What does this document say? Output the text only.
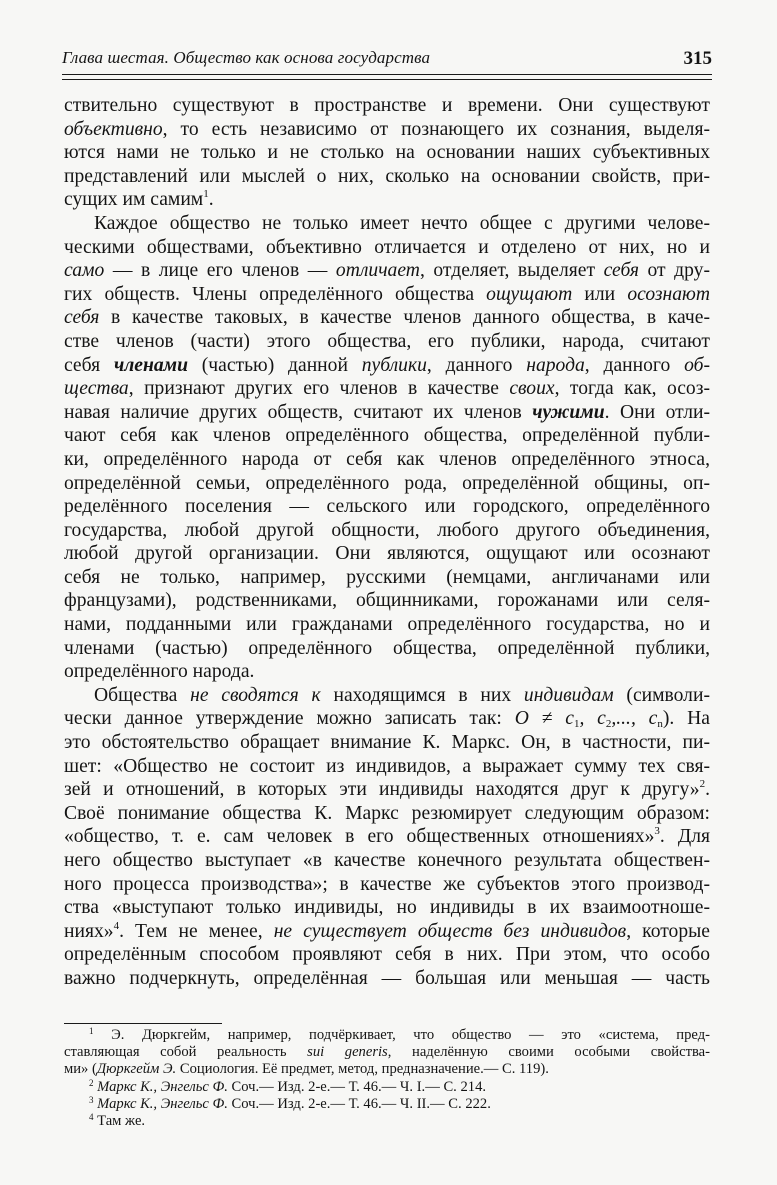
Глава шестая. Общество как основа государства	315
ствительно существуют в пространстве и времени. Они существуют
объективно, то есть независимо от познающего их сознания, выделя-
ются нами не только и не столько на основании наших субъективных
представлений или мыслей о них, сколько на основании свойств, при-
сущих им самим$^1$.
Каждое общество не только имеет нечто общее с другими челове-
ческими обществами, объективно отличается и отделено от них, но и
само — в лице его членов — отличает, отделяет, выделяет себя от дру-
гих обществ. Члены определённого общества ощущают или осознают
себя в качестве таковых, в качестве членов данного общества, в каче-
стве членов (части) этого общества, его публики, народа, считают
себя членами (частью) данной публики, данного народа, данного об-
щества, признают других его членов в качестве своих, тогда как, осоз-
навая наличие других обществ, считают их членов чужими. Они отли-
чают себя как членов определённого общества, определённой публи-
ки, определённого народа от себя как членов определённого этноса,
определённой семьи, определённого рода, определённой общины, оп-
ределённого поселения — сельского или городского, определённого
государства, любой другой общности, любого другого объединения,
любой другой организации. Они являются, ощущают или осознают
себя не только, например, русскими (немцами, англичанами или
французами), родственниками, общинниками, горожанами или селя-
нами, подданными или гражданами определённого государства, но и
членами (частью) определённого общества, определённой публики,
определённого народа.
Общества не сводятся к находящимся в них индивидам (символи-
чески данное утверждение можно записать так: $O \ne c_1$, $c_2$,..., $c_n$). На
это обстоятельство обращает внимание К. Маркс. Он, в частности, пи-
шет: «Общество не состоит из индивидов, а выражает сумму тех свя-
зей и отношений, в которых эти индивиды находятся друг к другу»$^2$.
Своё понимание общества К. Маркс резюмирует следующим образом:
«общество, т. е. сам человек в его общественных отношениях»$^3$. Для
него общество выступает «в качестве конечного результата обществен-
ного процесса производства»; в качестве же субъектов этого производ-
ства «выступают только индивиды, но индивиды в их взаимоотноше-
ниях»$^4$. Тем не менее, не существует обществ без индивидов, которые
определённым способом проявляют себя в них. При этом, что особо
важно подчеркнуть, определённая — большая или меньшая — часть
$^1$ Э. Дюркгейм, например, подчёркивает, что общество — это «система, пред-
ставляющая собой реальность sui generis, наделённую своими особыми свойства-
ми» (Дюркгейм Э. Социология. Её предмет, метод, предназначение.— С. 119).
$^2$ Маркс К., Энгельс Ф. Соч.— Изд. 2-е.— Т. 46.— Ч. I.— С. 214.
$^3$ Маркс К., Энгельс Ф. Соч.— Изд. 2-е.— Т. 46.— Ч. II.— С. 222.
$^4$ Там же.
